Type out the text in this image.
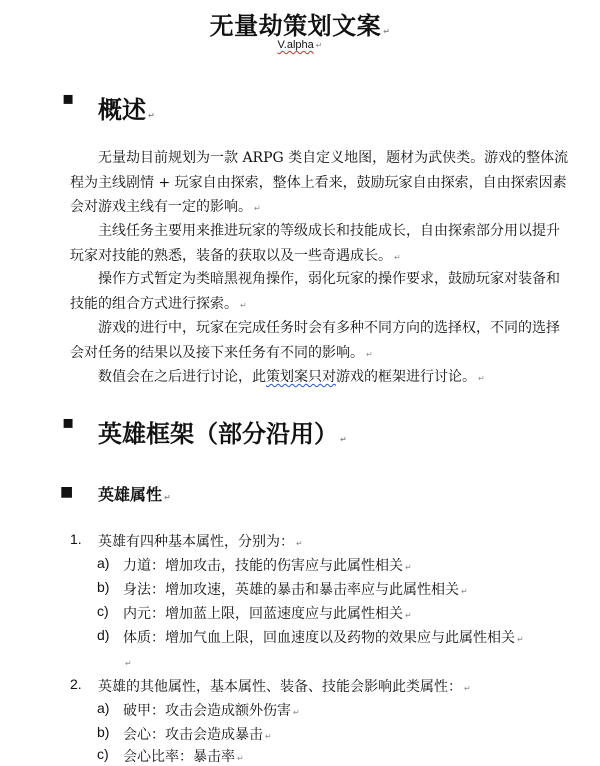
无量劫策划文案 ↵
V.alpha ↵
▪ 概述 ↵

无量劫目前规划为一款 ARPG 类自定义地图，题材为武侠类。游戏的整体流程为主线剧情 + 玩家自由探索，整体上看来，鼓励玩家自由探索，自由探索因素会对游戏主线有一定的影响。 ↵

主线任务主要用来推进玩家的等级成长和技能成长，自由探索部分用以提升玩家对技能的熟悉，装备的获取以及一些奇遇成长。 ↵

操作方式暂定为类暗黑视角操作，弱化玩家的操作要求，鼓励玩家对装备和技能的组合方式进行探索。 ↵

游戏的进行中，玩家在完成任务时会有多种不同方向的选择权，不同的选择会对任务的结果以及接下来任务有不同的影响。 ↵

数值会在之后进行讨论，此策划案只对游戏的框架进行讨论。 ↵

▪ 英雄框架（部分沿用） ↵
■ 英雄属性 ↵
1. 英雄有四种基本属性，分别为： ↵
a) 力道：增加攻击，技能的伤害应与此属性相关 ↵
b) 身法：增加攻速，英雄的暴击和暴击率应与此属性相关 ↵
c) 内元：增加蓝上限，回蓝速度应与此属性相关 ↵
d) 体质：增加气血上限，回血速度以及药物的效果应与此属性相关 ↵
↵
2. 英雄的其他属性，基本属性、装备、技能会影响此类属性： ↵
a) 破甲：攻击会造成额外伤害 ↵
b) 会心：攻击会造成暴击 ↵
c) 会心比率：暴击率 ↵
